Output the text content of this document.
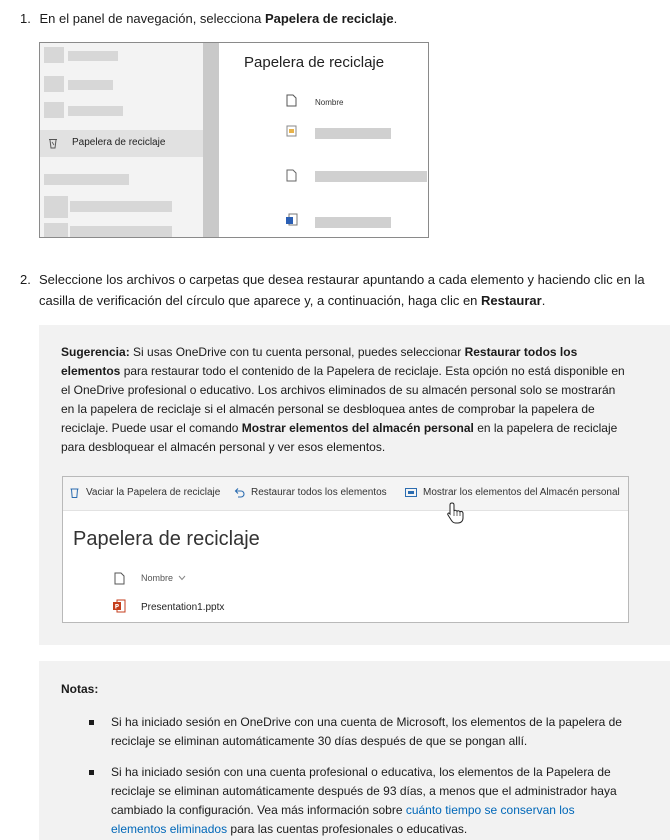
1. En el panel de navegación, selecciona Papelera de reciclaje.
Papelera de reciclaje
Papelera de reciclaje
Nombre
2. Seleccione los archivos o carpetas que desea restaurar apuntando a cada elemento y haciendo clic en la casilla de verificación del círculo que aparece y, a continuación, haga clic en Restaurar.
Sugerencia: Si usas OneDrive con tu cuenta personal, puedes seleccionar Restaurar todos los elementos para restaurar todo el contenido de la Papelera de reciclaje. Esta opción no está disponible en el OneDrive profesional o educativo. Los archivos eliminados de su almacén personal solo se mostrarán en la papelera de reciclaje si el almacén personal se desbloquea antes de comprobar la papelera de reciclaje. Puede usar el comando Mostrar elementos del almacén personal en la papelera de reciclaje para desbloquear el almacén personal y ver esos elementos.
Vaciar la Papelera de reciclaje	Restaurar todos los elementos	Mostrar los elementos del Almacén personal
Papelera de reciclaje
Nombre
P Presentation1.pptx
Notas:
Si ha iniciado sesión en OneDrive con una cuenta de Microsoft, los elementos de la papelera de reciclaje se eliminan automáticamente 30 días después de que se pongan allí.
Si ha iniciado sesión con una cuenta profesional o educativa, los elementos de la Papelera de reciclaje se eliminan automáticamente después de 93 días, a menos que el administrador haya cambiado la configuración. Vea más información sobre cuánto tiempo se conservan los elementos eliminados para las cuentas profesionales o educativas.
